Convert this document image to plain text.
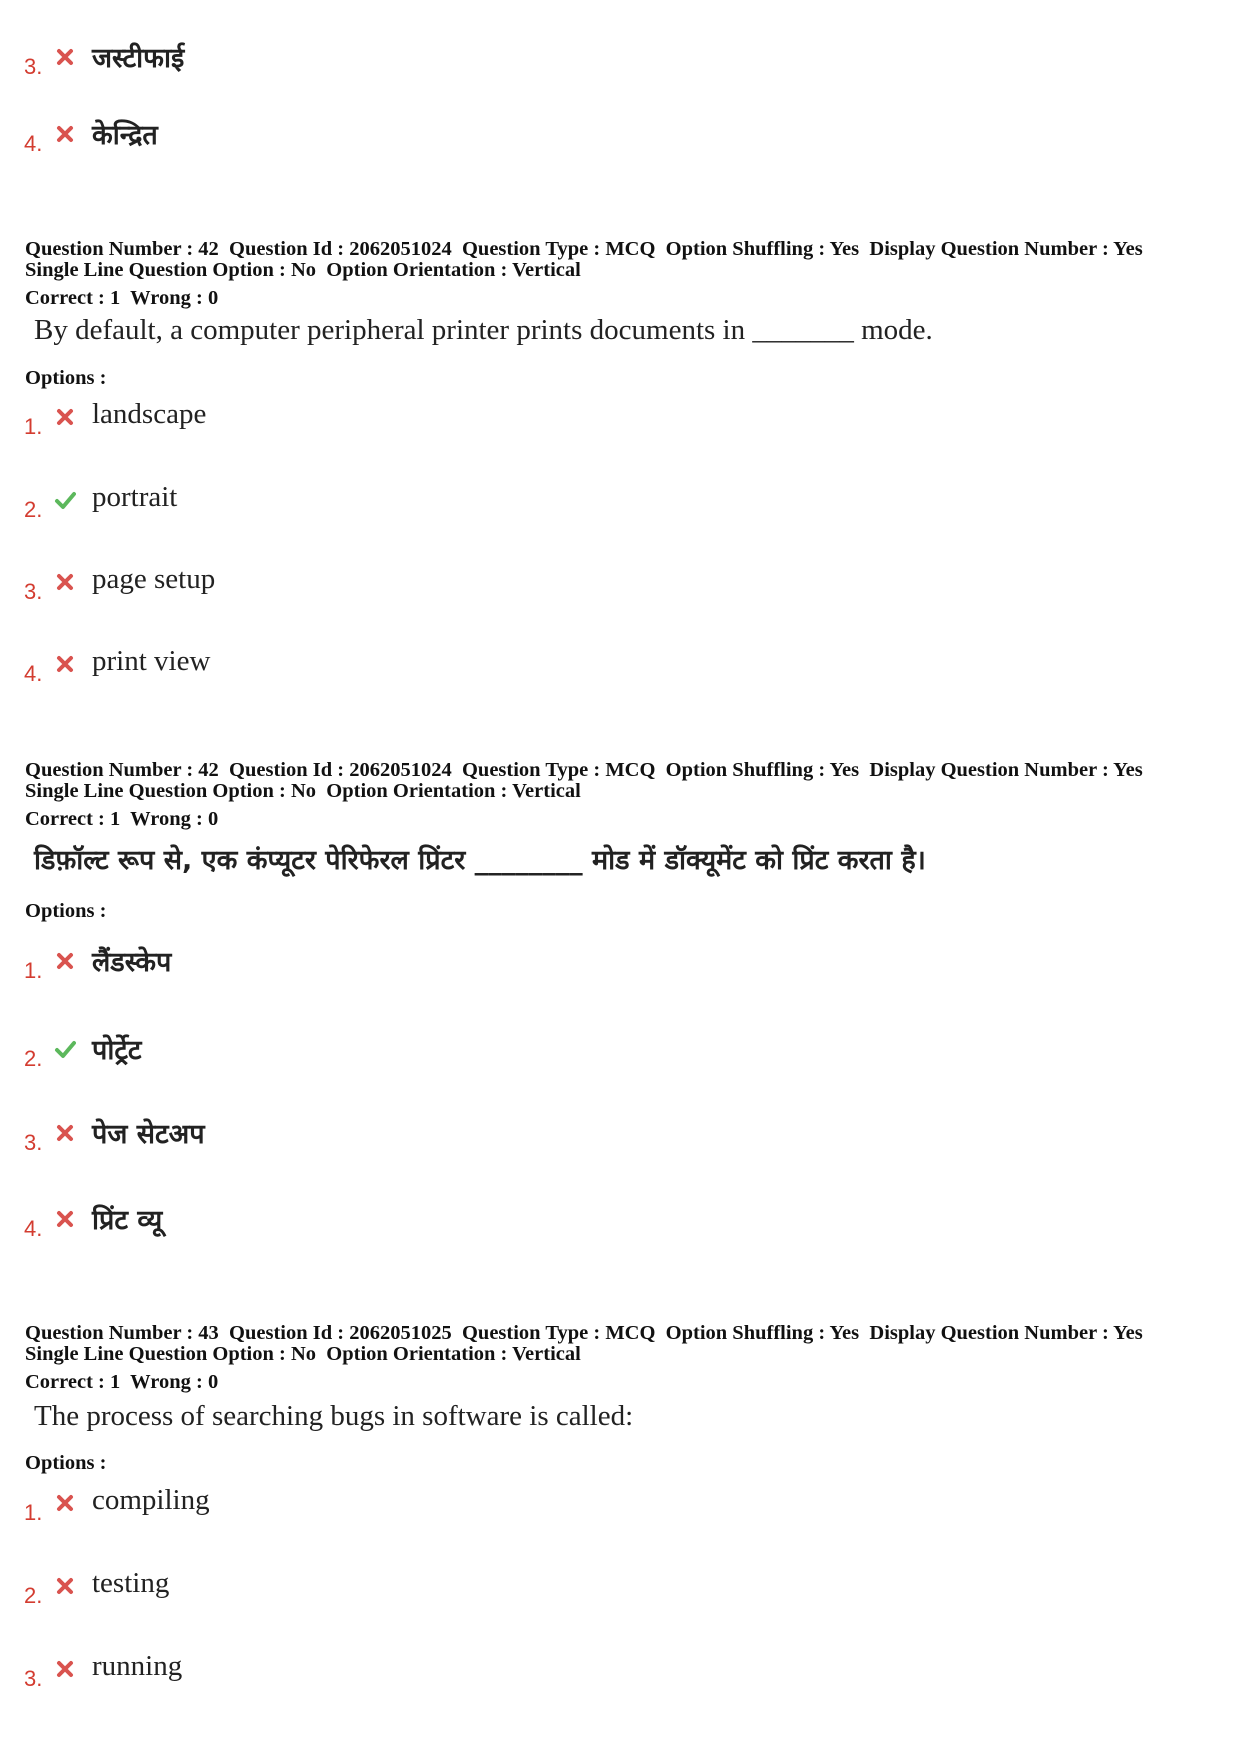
3. जस्टीफाई
4. केन्द्रित
Question Number : 42  Question Id : 2062051024  Question Type : MCQ  Option Shuffling : Yes  Display Question Number : Yes
Single Line Question Option : No  Option Orientation : Vertical
Correct : 1  Wrong : 0
By default, a computer peripheral printer prints documents in _______ mode.
Options :
1. landscape
2. portrait
3. page setup
4. print view
Question Number : 42  Question Id : 2062051024  Question Type : MCQ  Option Shuffling : Yes  Display Question Number : Yes
Single Line Question Option : No  Option Orientation : Vertical
Correct : 1  Wrong : 0
डिफ़ॉल्ट रूप से, एक कंप्यूटर पेरिफेरल प्रिंटर ________ मोड में डॉक्यूमेंट को प्रिंट करता है।
Options :
1. लैंडस्केप
2. पोर्ट्रेट
3. पेज सेटअप
4. प्रिंट व्यू
Question Number : 43  Question Id : 2062051025  Question Type : MCQ  Option Shuffling : Yes  Display Question Number : Yes
Single Line Question Option : No  Option Orientation : Vertical
Correct : 1  Wrong : 0
The process of searching bugs in software is called:
Options :
1. compiling
2. testing
3. running
